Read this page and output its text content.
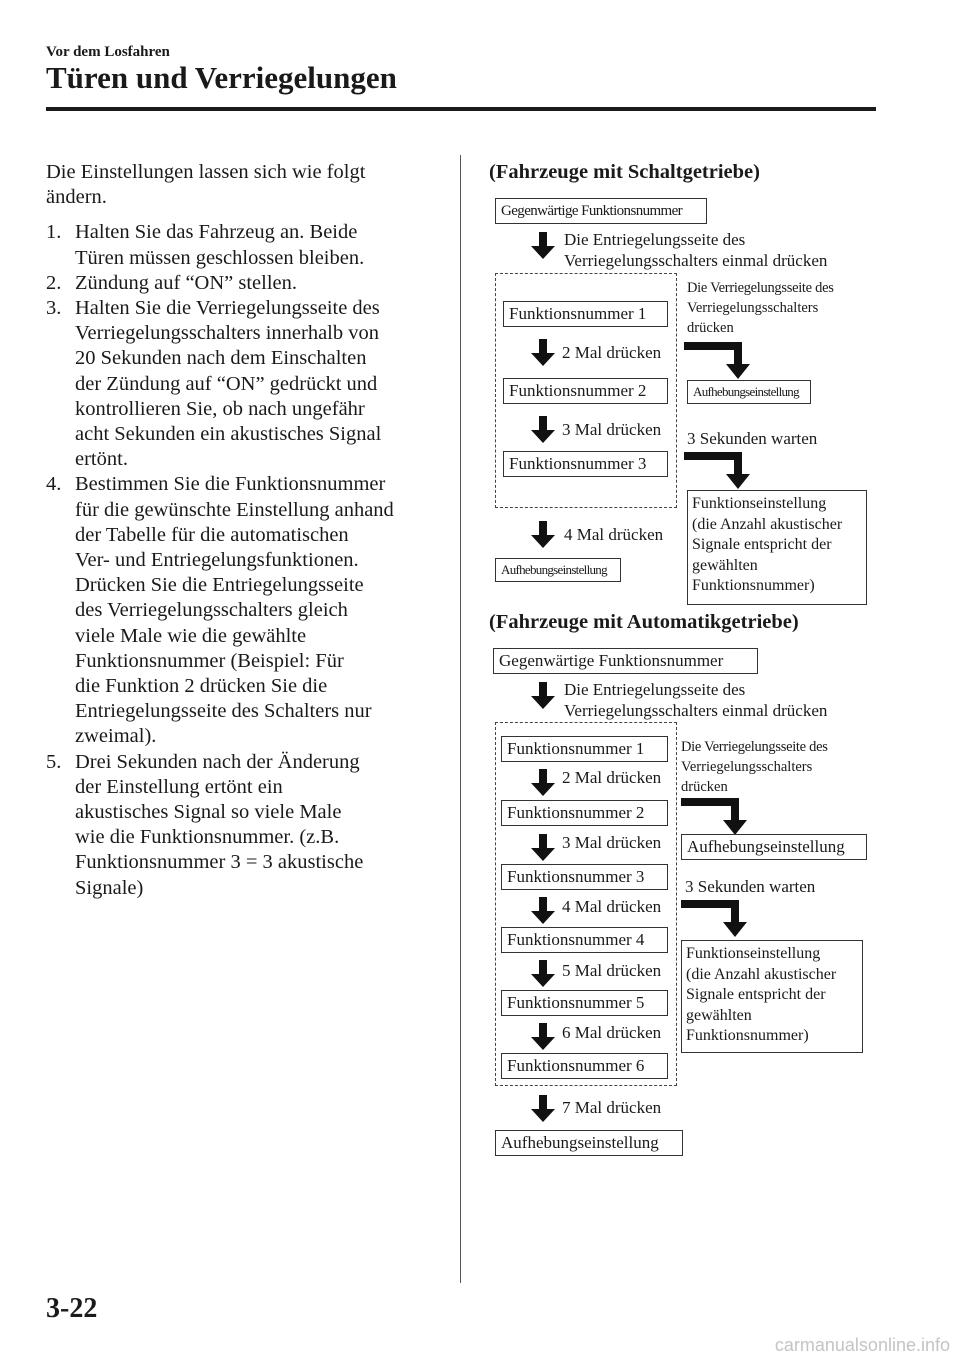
Vor dem Losfahren
Türen und Verriegelungen

Die Einstellungen lassen sich wie folgt ändern.

1. Halten Sie das Fahrzeug an. Beide
Türen müssen geschlossen bleiben.
2. Zündung auf “ON” stellen.
3. Halten Sie die Verriegelungsseite des
Verriegelungsschalters innerhalb von
20 Sekunden nach dem Einschalten
der Zündung auf “ON” gedrückt und
kontrollieren Sie, ob nach ungefähr
acht Sekunden ein akustisches Signal
ertönt.
4. Bestimmen Sie die Funktionsnummer
für die gewünschte Einstellung anhand
der Tabelle für die automatischen
Ver- und Entriegelungsfunktionen.
Drücken Sie die Entriegelungsseite
des Verriegelungsschalters gleich
viele Male wie die gewählte
Funktionsnummer (Beispiel: Für
die Funktion 2 drücken Sie die
Entriegelungsseite des Schalters nur
zweimal).
5. Drei Sekunden nach der Änderung
der Einstellung ertönt ein
akustisches Signal so viele Male
wie die Funktionsnummer. (z.B.
Funktionsnummer 3 = 3 akustische
Signale)
(Fahrzeuge mit Schaltgetriebe)
Gegenwärtige Funktionsnummer
Die Entriegelungsseite des
Verriegelungsschalters einmal drücken
Funktionsnummer 1
2 Mal drücken
Funktionsnummer 2
3 Mal drücken
Funktionsnummer 3
4 Mal drücken
Aufhebungseinstellung
Die Verriegelungsseite des
Verriegelungsschalters
drücken
Aufhebungseinstellung
3 Sekunden warten
Funktionseinstellung
(die Anzahl akustischer
Signale entspricht der
gewählten
Funktionsnummer)
(Fahrzeuge mit Automatikgetriebe)
Gegenwärtige Funktionsnummer
Die Entriegelungsseite des
Verriegelungsschalters einmal drücken
Funktionsnummer 1
2 Mal drücken
Funktionsnummer 2
3 Mal drücken
Funktionsnummer 3
4 Mal drücken
Funktionsnummer 4
5 Mal drücken
Funktionsnummer 5
6 Mal drücken
Funktionsnummer 6
7 Mal drücken
Aufhebungseinstellung
Die Verriegelungsseite des
Verriegelungsschalters
drücken
Aufhebungseinstellung
3 Sekunden warten
Funktionseinstellung
(die Anzahl akustischer
Signale entspricht der
gewählten
Funktionsnummer)
3-22
carmanualsonline.info
